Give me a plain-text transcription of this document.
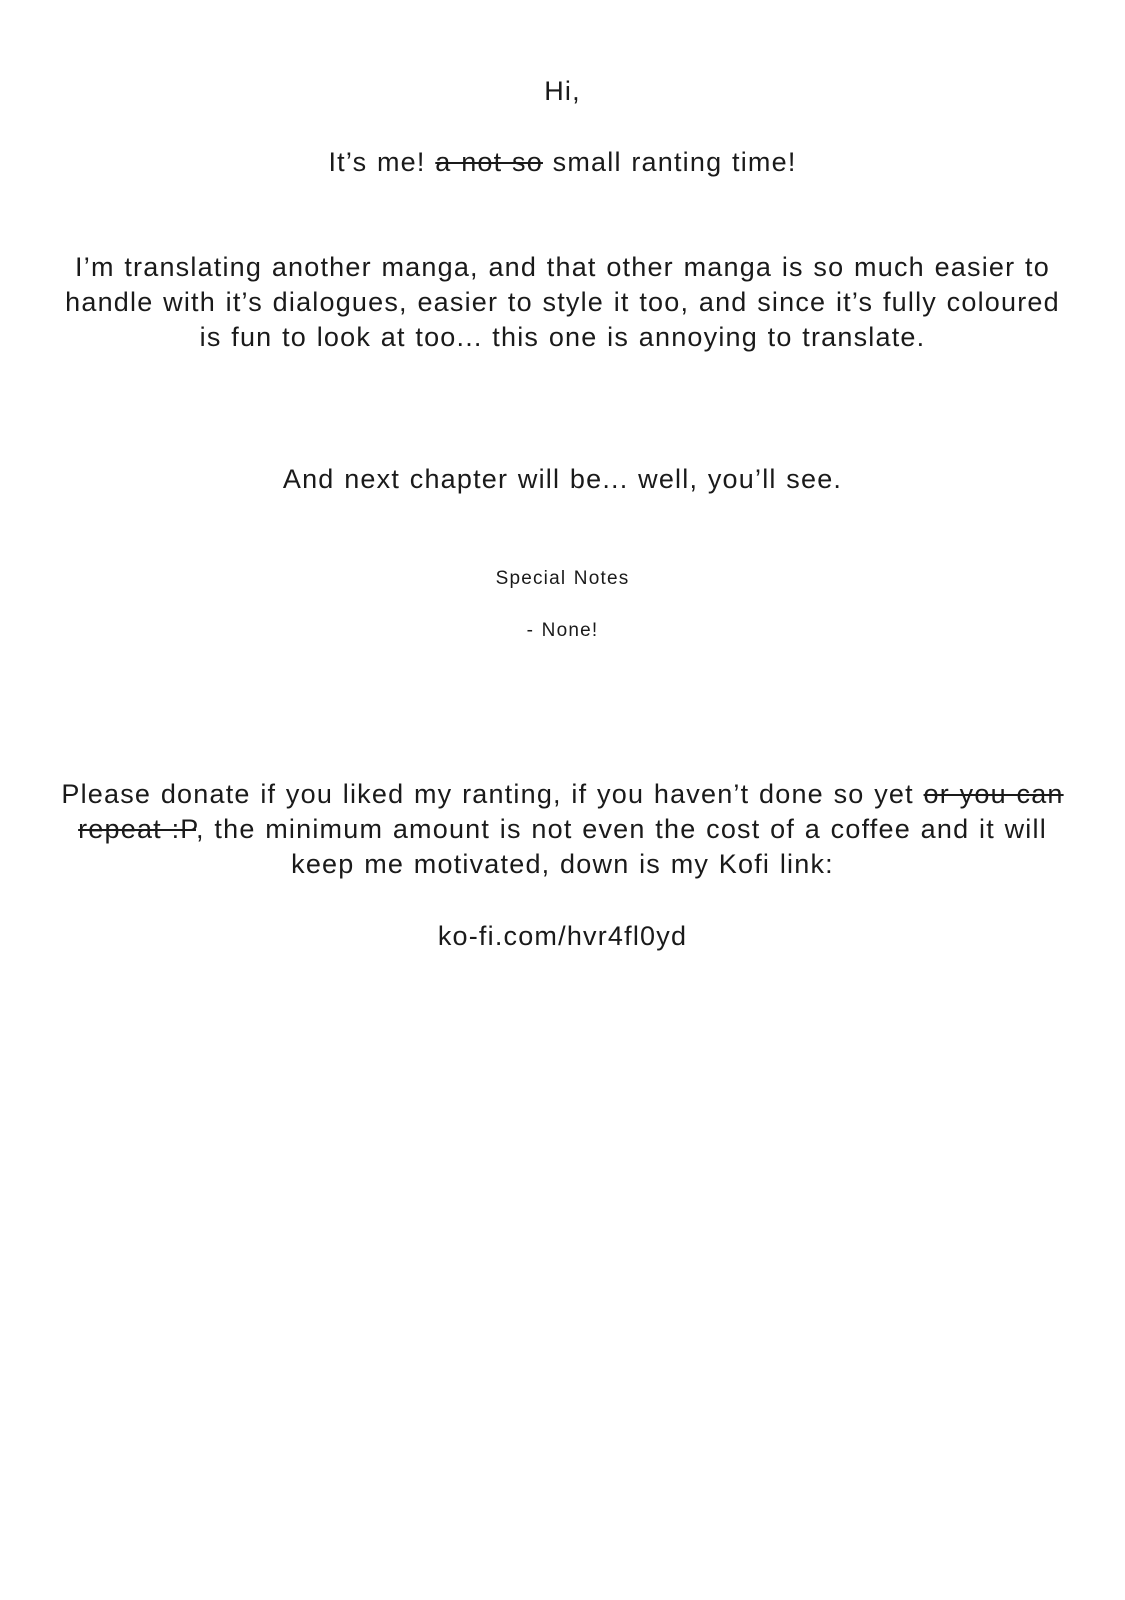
Hi,

It’s me! a not so small ranting time!

I’m translating another manga, and that other manga is so much easier to handle with it’s dialogues, easier to style it too, and since it’s fully coloured is fun to look at too... this one is annoying to translate.

And next chapter will be... well, you’ll see.

Special Notes

- None!

Please donate if you liked my ranting, if you haven’t done so yet or you can repeat :P, the minimum amount is not even the cost of a coffee and it will keep me motivated, down is my Kofi link:

ko-fi.com/hvr4fl0yd
